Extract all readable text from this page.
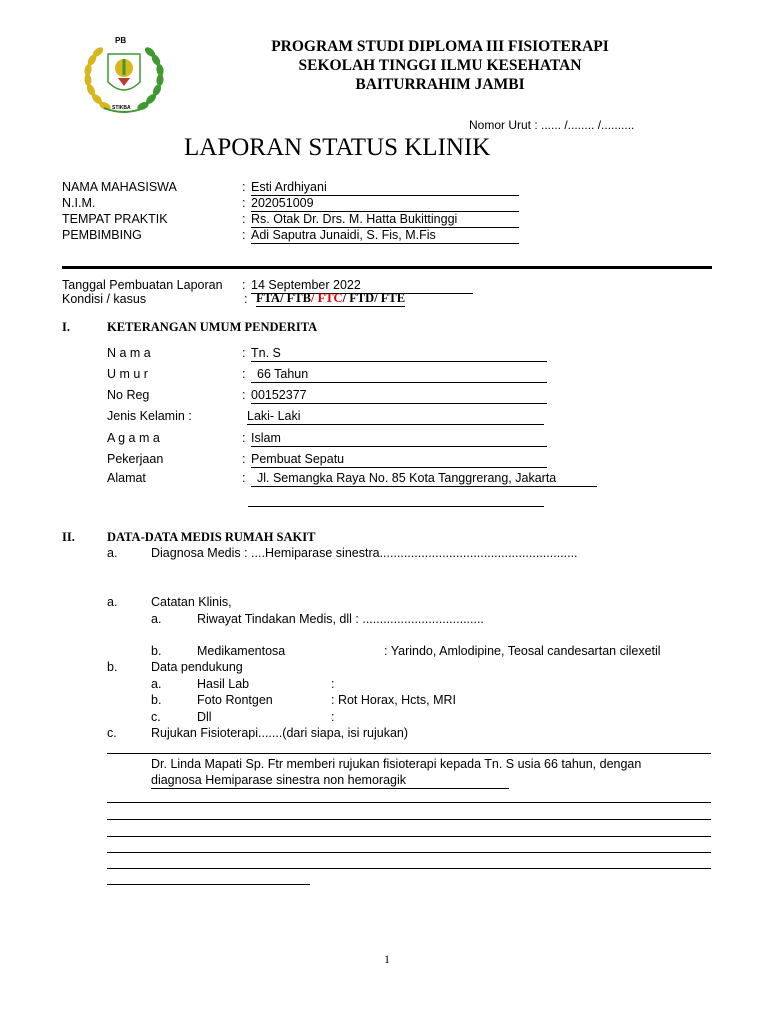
PB
STIKBA
PROGRAM STUDI DIPLOMA III FISIOTERAPI
SEKOLAH TINGGI ILMU KESEHATAN
BAITURRAHIM JAMBI
Nomor Urut : ...... /........ /..........
LAPORAN STATUS KLINIK
NAMA MAHASISWA	: Esti Ardhiyani
N.I.M.	: 202051009
TEMPAT PRAKTIK	: Rs. Otak Dr. Drs. M. Hatta Bukittinggi
PEMBIMBING	: Adi Saputra Junaidi, S. Fis, M.Fis
Tanggal Pembuatan Laporan : 14 September 2022
Kondisi / kasus	: FTA/ FTB/ FTC/ FTD/ FTE
I.	KETERANGAN UMUM PENDERITA
N a m a	: Tn. S
U m u r	: 66 Tahun
No Reg	: 00152377
Jenis Kelamin :	Laki- Laki
A g a m a	: Islam
Pekerjaan	: Pembuat Sepatu
Alamat	: Jl. Semangka Raya No. 85 Kota Tanggrerang, Jakarta
II.	DATA-DATA MEDIS RUMAH SAKIT
a.	Diagnosa Medis : ....Hemiparase sinestra.........................................................
a.	Catatan Klinis,
a.	Riwayat Tindakan Medis, dll : ...................................
b.	Medikamentosa	: Yarindo, Amlodipine, Teosal candesartan cilexetil
b.	Data pendukung
a.	Hasil Lab	:
b.	Foto Rontgen	: Rot Horax, Hcts, MRI
c.	Dll	:
c.	Rujukan Fisioterapi.......(dari siapa, isi rujukan)
Dr. Linda Mapati Sp. Ftr memberi rujukan fisioterapi kepada Tn. S usia 66 tahun, dengan
diagnosa Hemiparase sinestra non hemoragik
1
